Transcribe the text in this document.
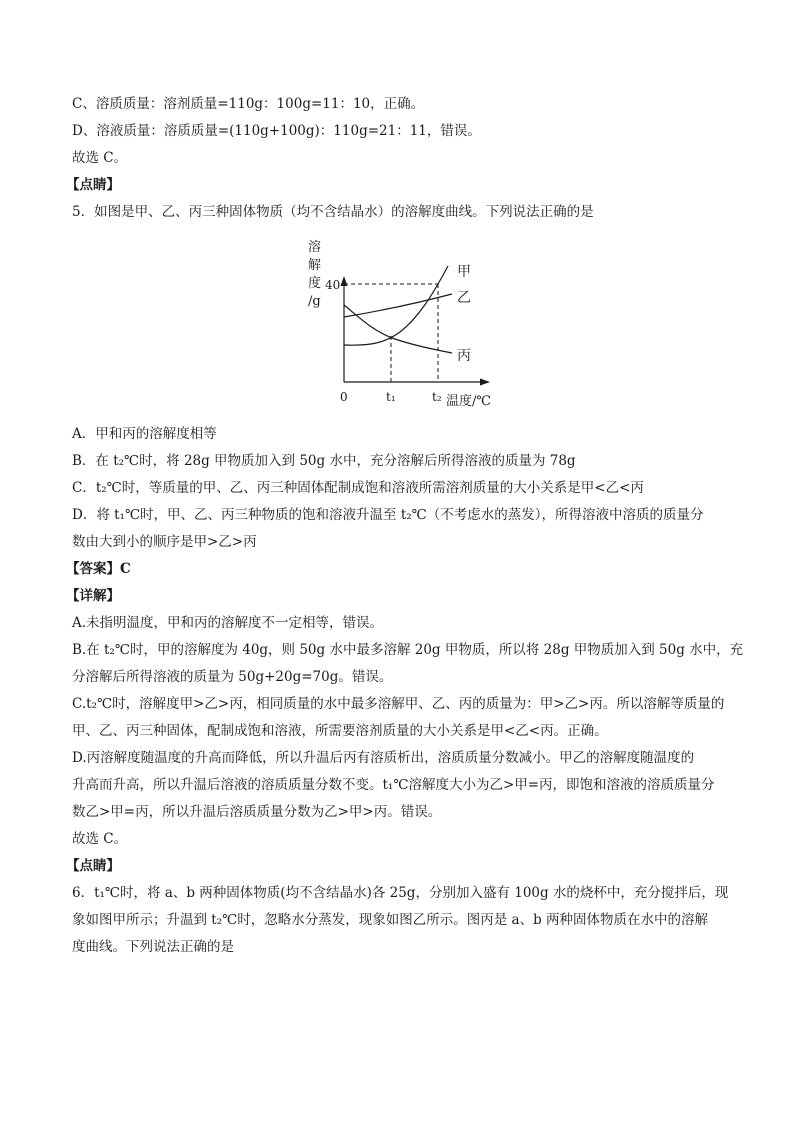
C、溶质质量：溶剂质量=110g：100g=11：10，正确。
D、溶液质量：溶质质量=(110g+100g)：110g=21：11，错误。
故选 C。
【点睛】
5．如图是甲、乙、丙三种固体物质（均不含结晶水）的溶解度曲线。下列说法正确的是
溶
解
度
/g
40
甲
乙
丙
0	t₁	t₂ 温度/℃
A．甲和丙的溶解度相等
B．在 t₂℃时，将 28g 甲物质加入到 50g 水中，充分溶解后所得溶液的质量为 78g
C．t₂℃时，等质量的甲、乙、丙三种固体配制成饱和溶液所需溶剂质量的大小关系是甲<乙<丙
D．将 t₁℃时，甲、乙、丙三种物质的饱和溶液升温至 t₂℃（不考虑水的蒸发），所得溶液中溶质的质量分
数由大到小的顺序是甲>乙>丙
【答案】C
【详解】
A.未指明温度，甲和丙的溶解度不一定相等，错误。
B.在 t₂℃时，甲的溶解度为 40g，则 50g 水中最多溶解 20g 甲物质，所以将 28g 甲物质加入到 50g 水中，充
分溶解后所得溶液的质量为 50g+20g=70g。错误。
C.t₂℃时，溶解度甲>乙>丙，相同质量的水中最多溶解甲、乙、丙的质量为：甲>乙>丙。所以溶解等质量的
甲、乙、丙三种固体，配制成饱和溶液，所需要溶剂质量的大小关系是甲<乙<丙。正确。
D.丙溶解度随温度的升高而降低，所以升温后丙有溶质析出，溶质质量分数减小。甲乙的溶解度随温度的
升高而升高，所以升温后溶液的溶质质量分数不变。t₁℃溶解度大小为乙>甲=丙，即饱和溶液的溶质质量分
数乙>甲=丙，所以升温后溶质质量分数为乙>甲>丙。错误。
故选 C。
【点睛】
6．t₁℃时，将 a、b 两种固体物质(均不含结晶水)各 25g，分别加入盛有 100g 水的烧杯中，充分搅拌后，现
象如图甲所示；升温到 t₂℃时，忽略水分蒸发，现象如图乙所示。图丙是 a、b 两种固体物质在水中的溶解
度曲线。下列说法正确的是
